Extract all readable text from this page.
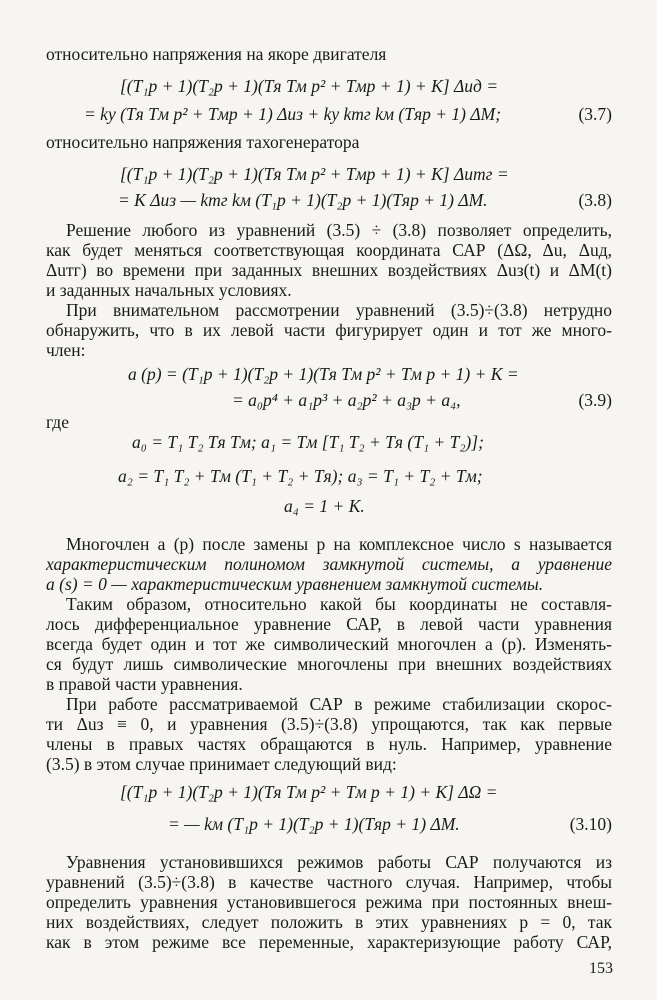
относительно напряжения на якоре двигателя
[(T₁p + 1)(T₂p + 1)(Tя Tм p² + Tмp + 1) + K] Δuд =
= kу (Tя Tм p² + Tмp + 1) Δuз + kу kтг kм (Tяp + 1) ΔM;	(3.7)
относительно напряжения тахогенератора
[(T₁p + 1)(T₂p + 1)(Tя Tм p² + Tмp + 1) + K] Δuтг =
= K Δuз — kтг kм (T₁p + 1)(T₂p + 1)(Tяp + 1) ΔM.	(3.8)
Решение любого из уравнений (3.5) ÷ (3.8) позволяет определить,
как будет меняться соответствующая координата САР (ΔΩ, Δu, Δuд,
Δuтг) во времени при заданных внешних воздействиях Δuз(t) и ΔM(t)
и заданных начальных условиях.
При внимательном рассмотрении уравнений (3.5)÷(3.8) нетрудно
обнаружить, что в их левой части фигурирует один и тот же много-
член:
a (p) = (T₁p + 1)(T₂p + 1)(Tя Tм p² + Tм p + 1) + K =
= a₀p⁴ + a₁p³ + a₂p² + a₃p + a₄,	(3.9)
где
a₀ = T₁ T₂ Tя Tм; a₁ = Tм [T₁ T₂ + Tя (T₁ + T₂)];
a₂ = T₁ T₂ + Tм (T₁ + T₂ + Tя); a₃ = T₁ + T₂ + Tм;
a₄ = 1 + K.
Многочлен a (p) после замены p на комплексное число s называется
характеристическим полиномом замкнутой системы, а уравнение
a (s) = 0 — характеристическим уравнением замкнутой системы.
Таким образом, относительно какой бы координаты не составля-
лось дифференциальное уравнение САР, в левой части уравнения
всегда будет один и тот же символический многочлен a (p). Изменять-
ся будут лишь символические многочлены при внешних воздействиях
в правой части уравнения.
При работе рассматриваемой САР в режиме стабилизации скорос-
ти Δuз ≡ 0, и уравнения (3.5)÷(3.8) упрощаются, так как первые
члены в правых частях обращаются в нуль. Например, уравнение
(3.5) в этом случае принимает следующий вид:
[(T₁p + 1)(T₂p + 1)(Tя Tм p² + Tм p + 1) + K] ΔΩ =
= — kм (T₁p + 1)(T₂p + 1)(Tяp + 1) ΔM.	(3.10)
Уравнения установившихся режимов работы САР получаются из
уравнений (3.5)÷(3.8) в качестве частного случая. Например, чтобы
определить уравнения установившегося режима при постоянных внеш-
них воздействиях, следует положить в этих уравнениях p = 0, так
как в этом режиме все переменные, характеризующие работу САР,
153
